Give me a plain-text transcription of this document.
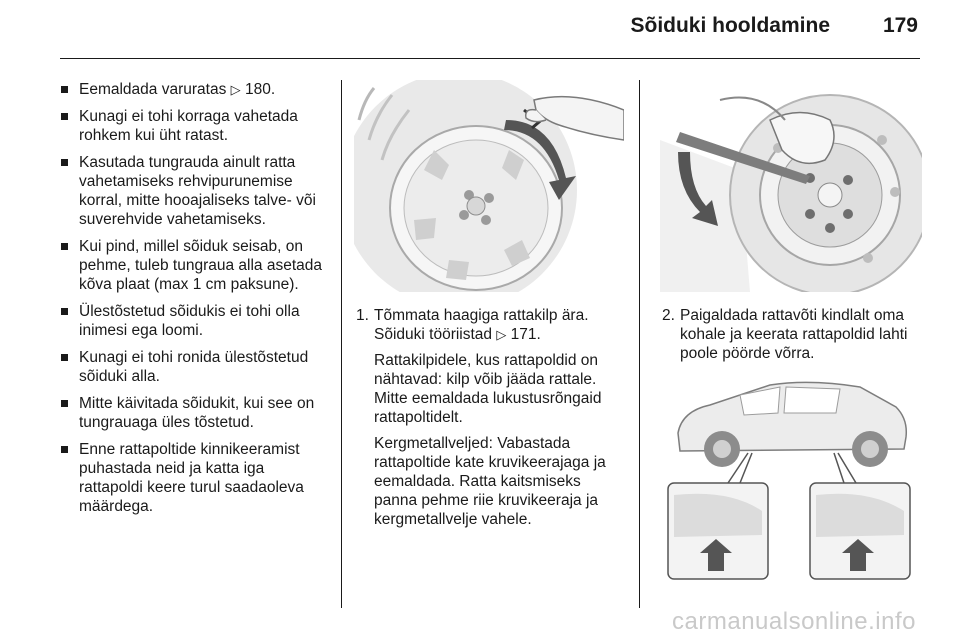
Sõiduki hooldamine	179
Eemaldada varuratas ▷ 180.
Kunagi ei tohi korraga vahetada rohkem kui üht ratast.
Kasutada tungrauda ainult ratta vahetamiseks rehvipurunemise korral, mitte hooajaliseks talve- või suverehvide vahetamiseks.
Kui pind, millel sõiduk seisab, on pehme, tuleb tungraua alla asetada kõva plaat (max 1 cm paksune).
Ülestõstetud sõidukis ei tohi olla inimesi ega loomi.
Kunagi ei tohi ronida ülestõstetud sõiduki alla.
Mitte käivitada sõidukit, kui see on tungrauaga üles tõstetud.
Enne rattapoltide kinnikeeramist puhastada neid ja katta iga rattapoldi keere turul saadaoleva määrdega.
1. Tõmmata haagiga rattakilp ära. Sõiduki tööriistad ▷ 171.

Rattakilpidele, kus rattapoldid on nähtavad: kilp võib jääda rattale. Mitte eemaldada lukustusrõngaid rattapoltidelt.

Kergmetallveljed: Vabastada rattapoltide kate kruvikeerajaga ja eemaldada. Ratta kaitsmiseks panna pehme riie kruvikeeraja ja kergmetallvelje vahele.

2. Paigaldada rattavõti kindlalt oma kohale ja keerata rattapoldid lahti poole pöörde võrra.

carmanualsonline.info
